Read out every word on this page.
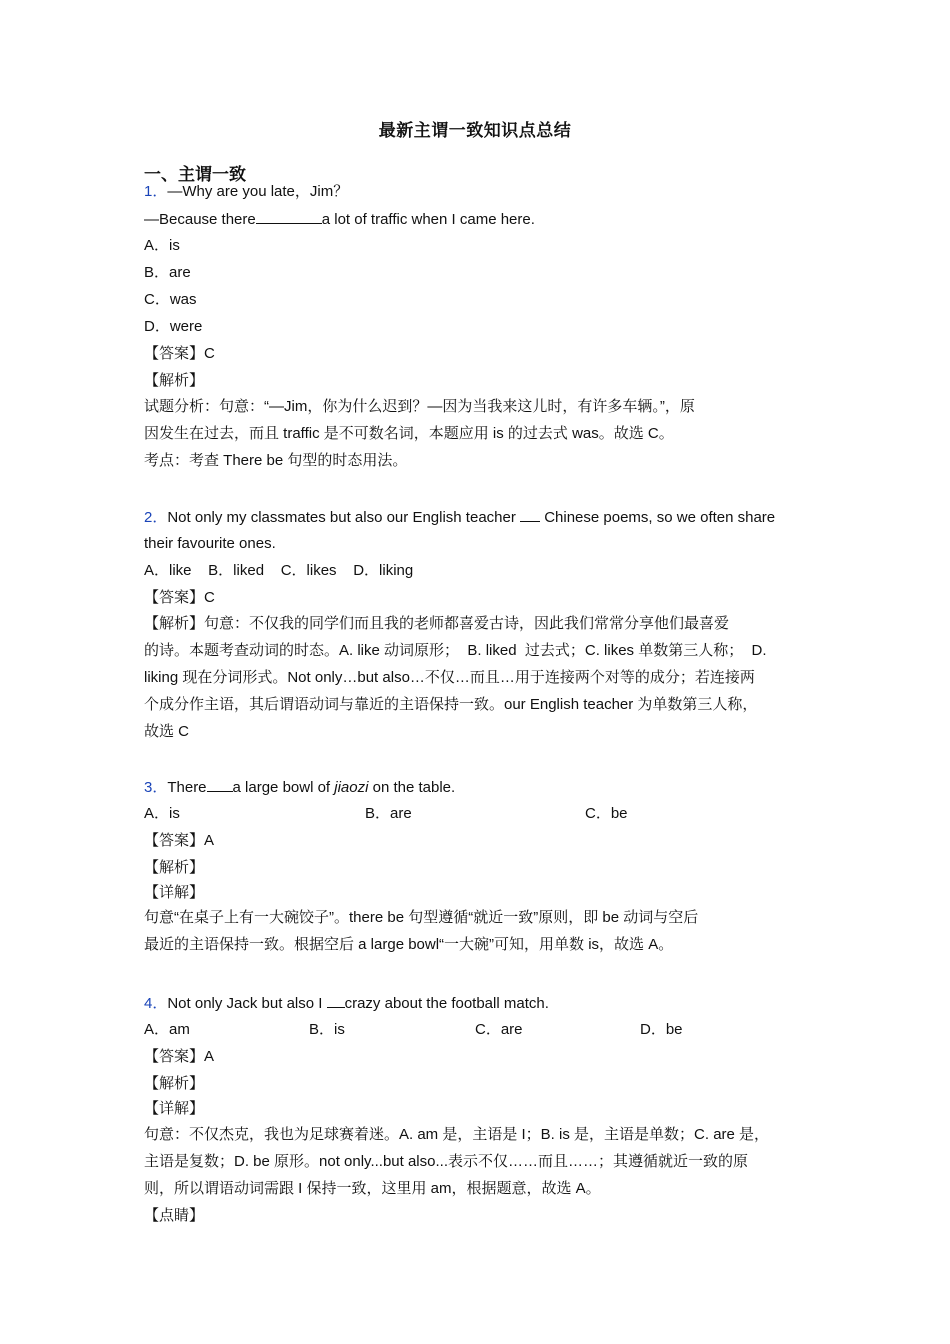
最新主谓一致知识点总结
一、主谓一致
1．—Why are you late，Jim？
—Because there	a lot of traffic when I came here.
A．is
B．are
C．was
D．were
【答案】C
【解析】
试题分析：句意：“—Jim，你为什么迟到？—因为当我来这儿时，有许多车辆。”，原
因发生在过去，而且 traffic 是不可数名词，本题应用 is 的过去式 was。故选 C。
考点：考查 There be 句型的时态用法。
2．Not only my classmates but also our English teacher Chinese poems, so we often share
their favourite ones.
A．like    B．liked    C．likes    D．liking
【答案】C
【解析】句意：不仅我的同学们而且我的老师都喜爱古诗，因此我们常常分享他们最喜爱
的诗。本题考查动词的时态。A. like 动词原形；  B. liked  过去式；C. likes 单数第三人称；  D.
liking 现在分词形式。Not only…but also…不仅…而且…用于连接两个对等的成分；若连接两
个成分作主语，其后谓语动词与靠近的主语保持一致。our English teacher 为单数第三人称，
故选 C
3．There a large bowl of jiaozi on the table.
A．is	B．are	C．be
【答案】A
【解析】
【详解】
句意“在桌子上有一大碗饺子”。there be 句型遵循“就近一致”原则，即 be 动词与空后
最近的主语保持一致。根据空后 a large bowl“一大碗”可知，用单数 is，故选 A。
4．Not only Jack but also I crazy about the football match.
A．am	B．is	C．are	D．be
【答案】A
【解析】
【详解】
句意：不仅杰克，我也为足球赛着迷。A. am 是，主语是 I；B. is 是，主语是单数；C. are 是，
主语是复数；D. be 原形。not only...but also...表示不仅……而且……；其遵循就近一致的原
则，所以谓语动词需跟 I 保持一致，这里用 am，根据题意，故选 A。
【点睛】
